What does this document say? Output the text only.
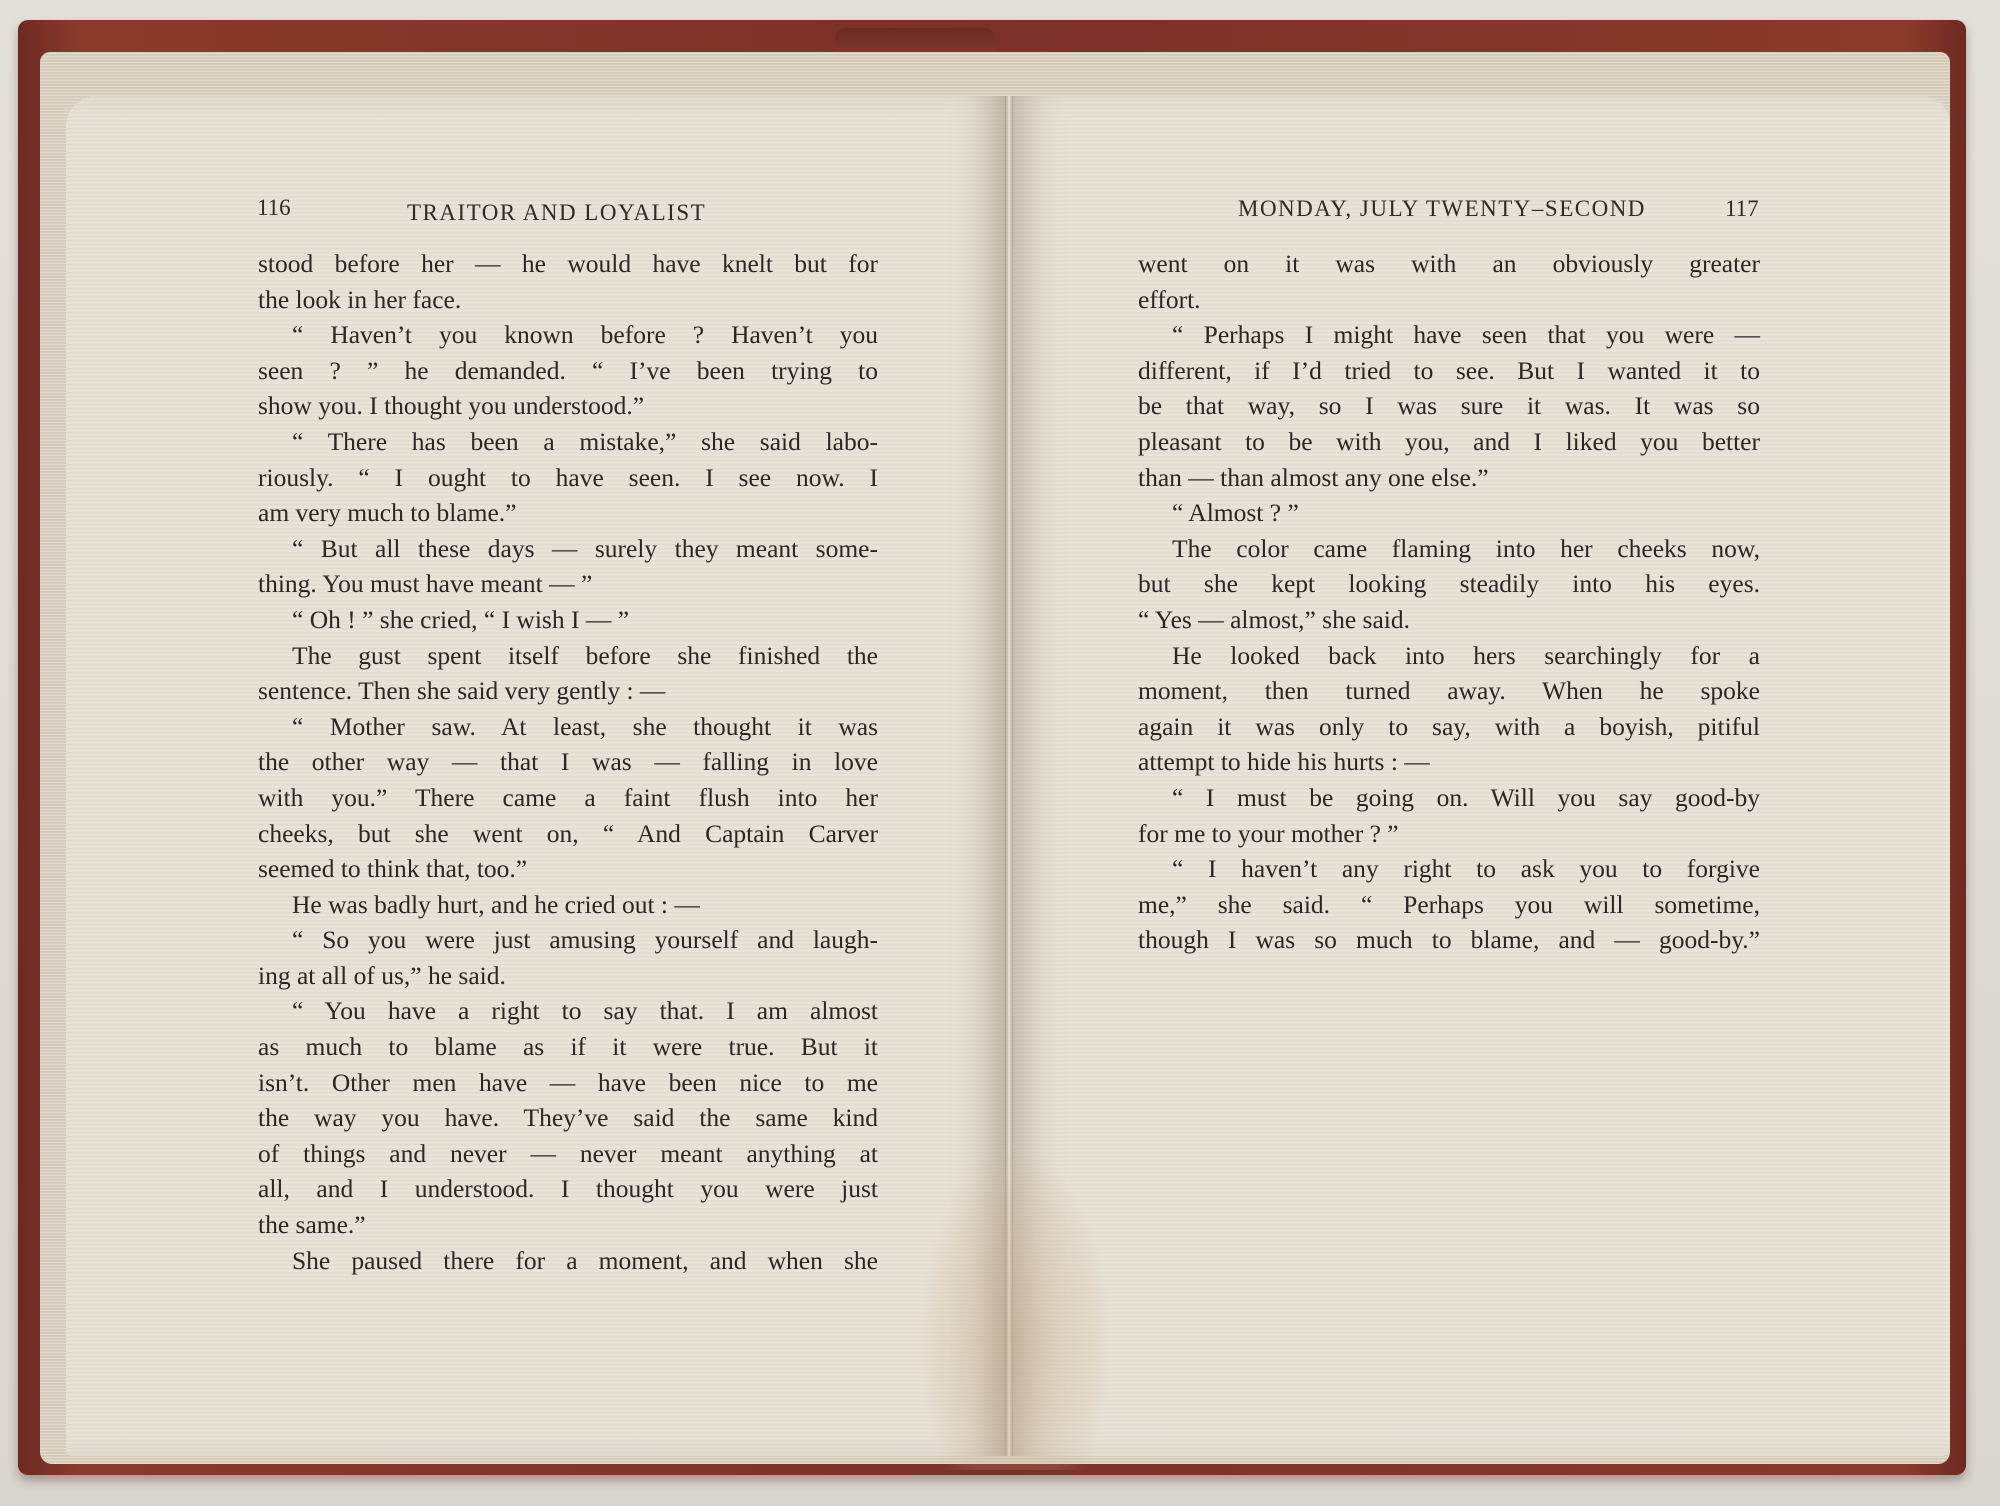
116	TRAITOR AND LOYALIST	MONDAY, JULY TWENTY–SECOND	117
stood before her — he would have knelt but for
the look in her face.
“ Haven’t you known before ? Haven’t you
seen ? ” he demanded. “ I’ve been trying to
show you. I thought you understood.”
“ There has been a mistake,” she said labo-
riously. “ I ought to have seen. I see now. I
am very much to blame.”
“ But all these days — surely they meant some-
thing. You must have meant — ”
“ Oh ! ” she cried, “ I wish I — ”
The gust spent itself before she finished the
sentence. Then she said very gently : —
“ Mother saw. At least, she thought it was
the other way — that I was — falling in love
with you.” There came a faint flush into her
cheeks, but she went on, “ And Captain Carver
seemed to think that, too.”
He was badly hurt, and he cried out : —
“ So you were just amusing yourself and laugh-
ing at all of us,” he said.
“ You have a right to say that. I am almost
as much to blame as if it were true. But it
isn’t. Other men have — have been nice to me
the way you have. They’ve said the same kind
of things and never — never meant anything at
all, and I understood. I thought you were just
the same.”
She paused there for a moment, and when she
went on it was with an obviously greater
effort.
“ Perhaps I might have seen that you were —
different, if I’d tried to see. But I wanted it to
be that way, so I was sure it was. It was so
pleasant to be with you, and I liked you better
than — than almost any one else.”
“ Almost ? ”
The color came flaming into her cheeks now,
but she kept looking steadily into his eyes.
“ Yes — almost,” she said.
He looked back into hers searchingly for a
moment, then turned away. When he spoke
again it was only to say, with a boyish, pitiful
attempt to hide his hurts : —
“ I must be going on. Will you say good-by
for me to your mother ? ”
“ I haven’t any right to ask you to forgive
me,” she said. “ Perhaps you will sometime,
though I was so much to blame, and — good-by.”
